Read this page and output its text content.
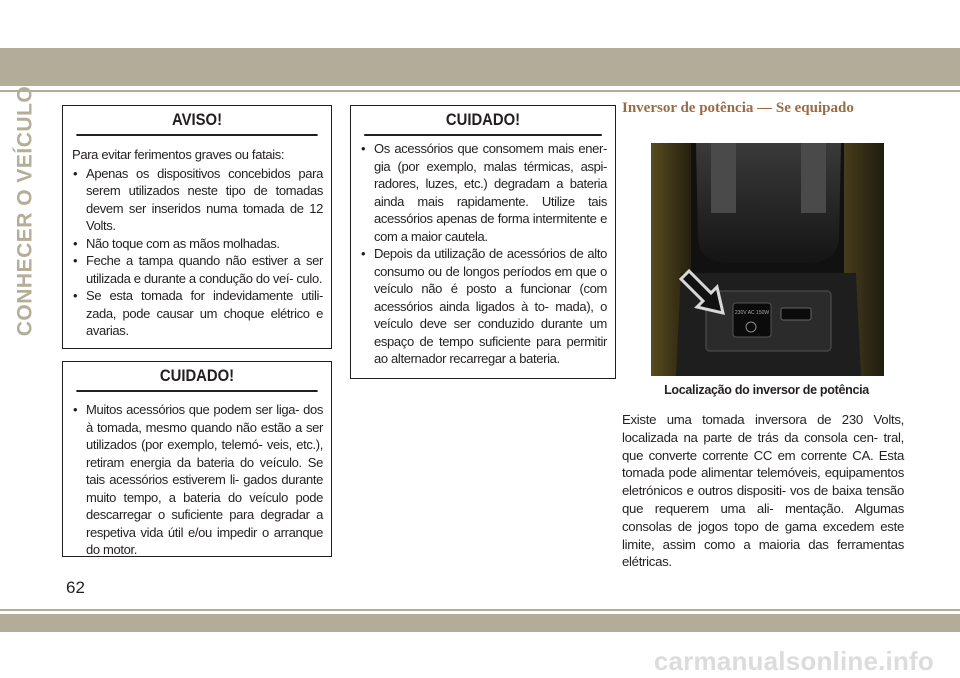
CONHECER O VEÍCULO	AVISO!

Para evitar ferimentos graves ou fatais:

• Apenas os dispositivos concebidos para serem utilizados neste tipo de tomadas devem ser inseridos numa tomada de 12 Volts.
• Não toque com as mãos molhadas.
• Feche a tampa quando não estiver a ser utilizada e durante a condução do veí- culo.
• Se esta tomada for indevidamente utili- zada, pode causar um choque elétrico e avarias.
CUIDADO!
• Muitos acessórios que podem ser liga- dos à tomada, mesmo quando não estão a ser utilizados (por exemplo, telemó- veis, etc.), retiram energia da bateria do veículo. Se tais acessórios estiverem li- gados durante muito tempo, a bateria do veículo pode descarregar o suficiente para degradar a respetiva vida útil e/ou impedir o arranque do motor.
CUIDADO!
• Os acessórios que consomem mais ener- gia (por exemplo, malas térmicas, aspi- radores, luzes, etc.) degradam a bateria ainda mais rapidamente. Utilize tais acessórios apenas de forma intermitente e com a maior cautela.
• Depois da utilização de acessórios de alto consumo ou de longos períodos em que o veículo não é posto a funcionar (com acessórios ainda ligados à to- mada), o veículo deve ser conduzido durante um espaço de tempo suficiente para permitir ao alternador recarregar a bateria.
Inversor de potência — Se equipado
230V AC 150W
Localização do inversor de potência

Existe uma tomada inversora de 230 Volts, localizada na parte de trás da consola cen- tral, que converte corrente CC em corrente CA. Esta tomada pode alimentar telemóveis, equipamentos eletrónicos e outros dispositi- vos de baixa tensão que requerem uma ali- mentação. Algumas consolas de jogos topo de gama excedem este limite, assim como a maioria das ferramentas elétricas.

62
carmanualsonline.info
